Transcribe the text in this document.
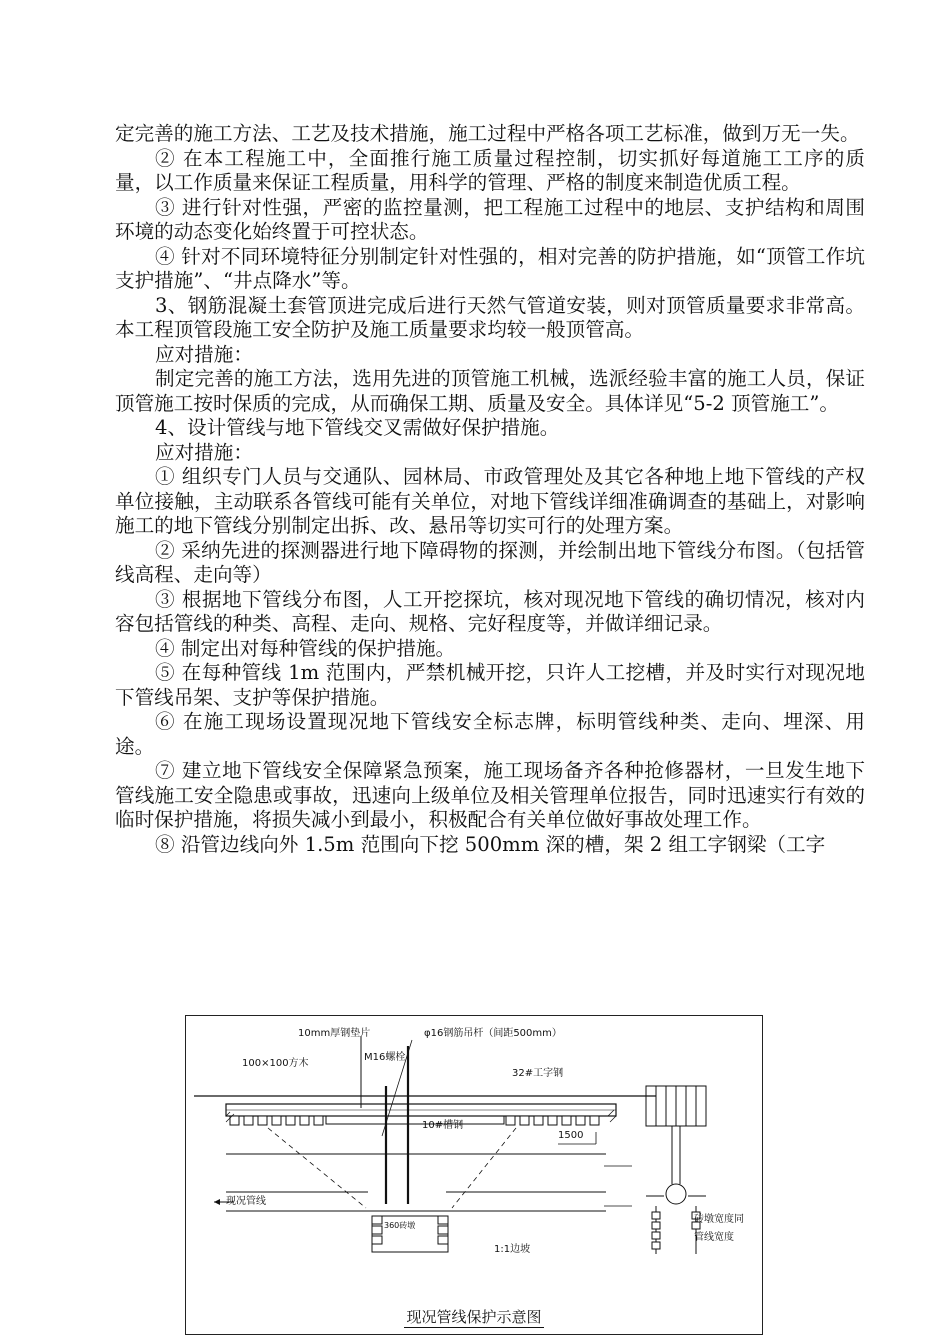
定完善的施工方法、工艺及技术措施，施工过程中严格各项工艺标准，做到万无一失。

② 在本工程施工中，全面推行施工质量过程控制，切实抓好每道施工工序的质量，以工作质量来保证工程质量，用科学的管理、严格的制度来制造优质工程。

③ 进行针对性强，严密的监控量测，把工程施工过程中的地层、支护结构和周围环境的动态变化始终置于可控状态。

④ 针对不同环境特征分别制定针对性强的，相对完善的防护措施，如“顶管工作坑支护措施”、“井点降水”等。

3、钢筋混凝土套管顶进完成后进行天然气管道安装，则对顶管质量要求非常高。本工程顶管段施工安全防护及施工质量要求均较一般顶管高。

应对措施：

制定完善的施工方法，选用先进的顶管施工机械，选派经验丰富的施工人员，保证顶管施工按时保质的完成，从而确保工期、质量及安全。具体详见“5-2 顶管施工”。

4、设计管线与地下管线交叉需做好保护措施。

应对措施：

① 组织专门人员与交通队、园林局、市政管理处及其它各种地上地下管线的产权单位接触，主动联系各管线可能有关单位，对地下管线详细准确调查的基础上，对影响施工的地下管线分别制定出拆、改、悬吊等切实可行的处理方案。

② 采纳先进的探测器进行地下障碍物的探测，并绘制出地下管线分布图。（包括管线高程、走向等）

③ 根据地下管线分布图，人工开挖探坑，核对现况地下管线的确切情况，核对内容包括管线的种类、高程、走向、规格、完好程度等，并做详细记录。

④ 制定出对每种管线的保护措施。

⑤ 在每种管线 1m 范围内，严禁机械开挖，只许人工挖槽，并及时实行对现况地下管线吊架、支护等保护措施。

⑥ 在施工现场设置现况地下管线安全标志牌，标明管线种类、走向、埋深、用途。

⑦ 建立地下管线安全保障紧急预案，施工现场备齐各种抢修器材，一旦发生地下管线施工安全隐患或事故，迅速向上级单位及相关管理单位报告，同时迅速实行有效的临时保护措施，将损失减小到最小，积极配合有关单位做好事故处理工作。

⑧ 沿管边线向外 1.5m 范围向下挖 500mm 深的槽，架 2 组工字钢梁（工字

10mm厚钢垫片	φ16钢筋吊杆（间距500mm）
100×100方木
M16螺栓
32#工字钢
10#槽钢
1500
现况管线
360砖墩
1:1边坡
砖墩宽度同
管线宽度
现况管线保护示意图
